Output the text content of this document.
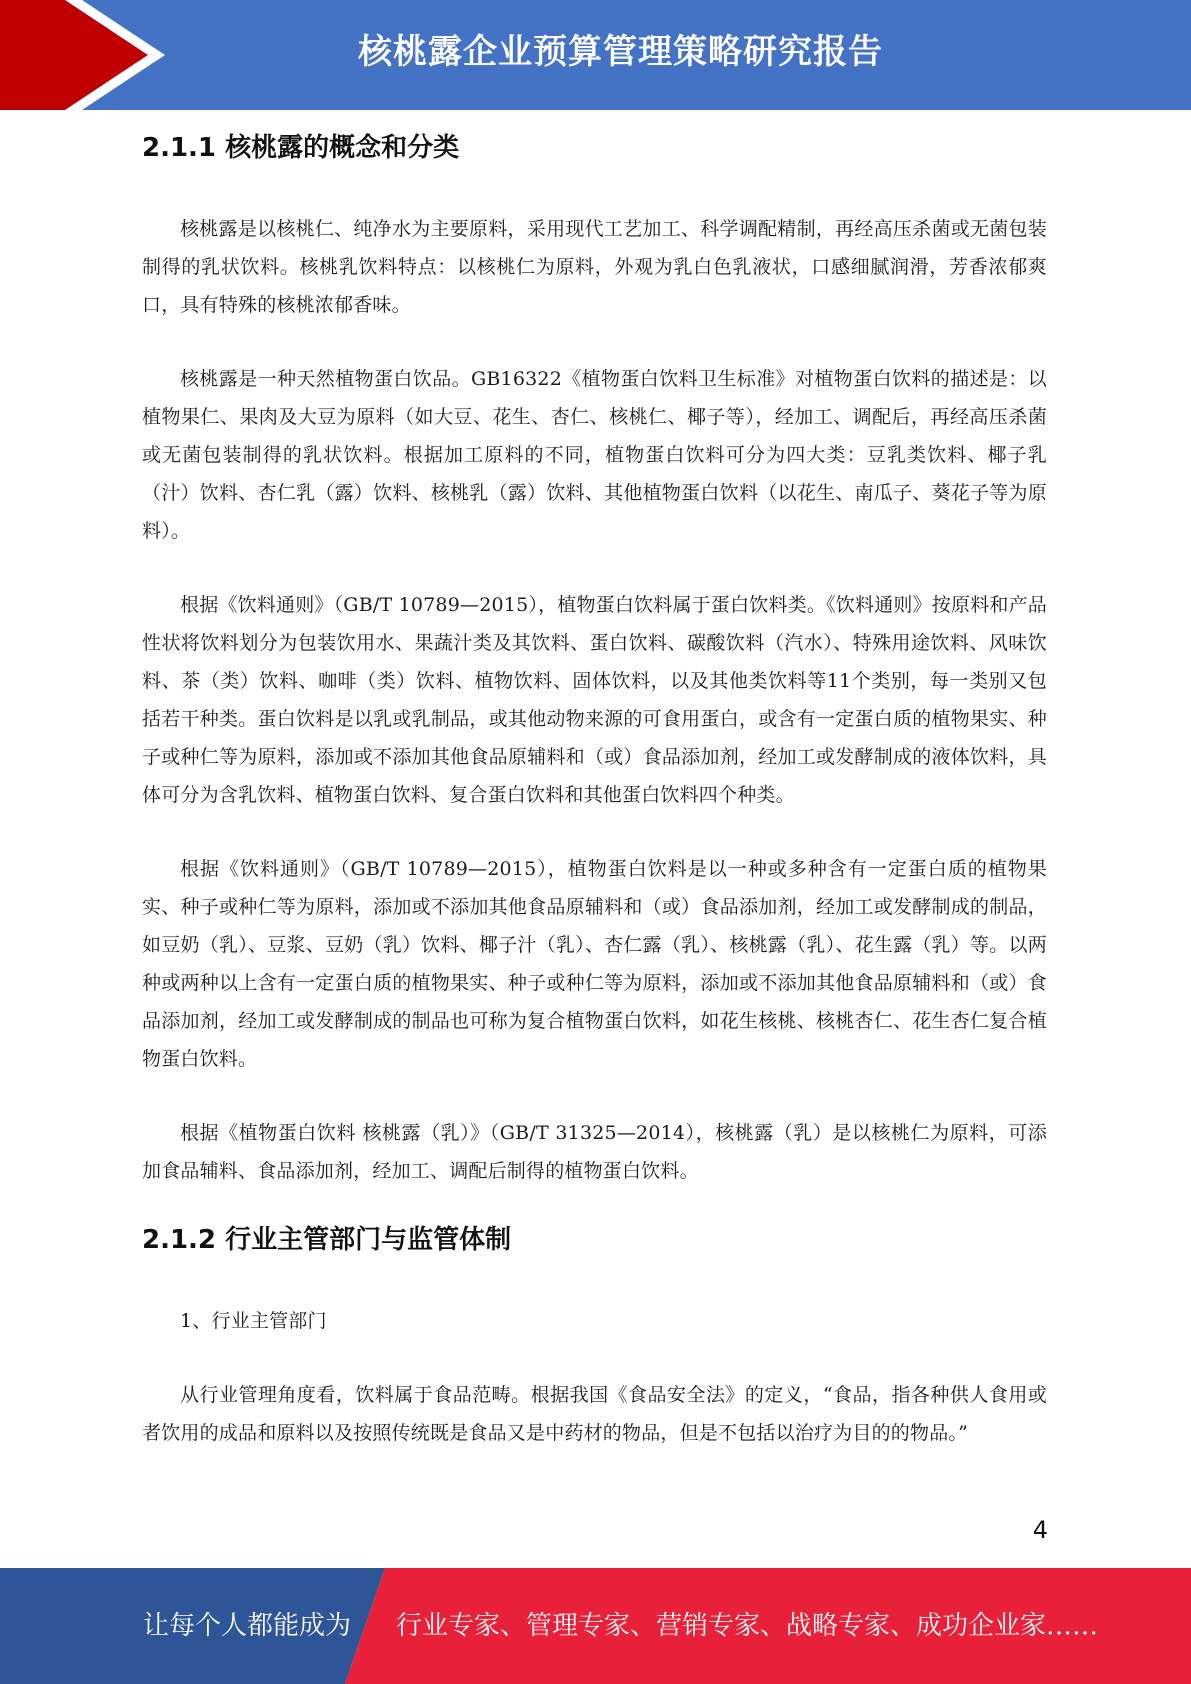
核桃露企业预算管理策略研究报告
2.1.1 核桃露的概念和分类

核桃露是以核桃仁、纯净水为主要原料，采用现代工艺加工、科学调配精制，再经高压杀菌或无菌包装制得的乳状饮料。核桃乳饮料特点：以核桃仁为原料，外观为乳白色乳液状，口感细腻润滑，芳香浓郁爽口，具有特殊的核桃浓郁香味。

核桃露是一种天然植物蛋白饮品。GB16322《植物蛋白饮料卫生标准》对植物蛋白饮料的描述是：以植物果仁、果肉及大豆为原料（如大豆、花生、杏仁、核桃仁、椰子等），经加工、调配后，再经高压杀菌或无菌包装制得的乳状饮料。根据加工原料的不同，植物蛋白饮料可分为四大类：豆乳类饮料、椰子乳（汁）饮料、杏仁乳（露）饮料、核桃乳（露）饮料、其他植物蛋白饮料（以花生、南瓜子、葵花子等为原料）。

根据《饮料通则》（GB/T 10789—2015），植物蛋白饮料属于蛋白饮料类。《饮料通则》按原料和产品性状将饮料划分为包装饮用水、果蔬汁类及其饮料、蛋白饮料、碳酸饮料（汽水）、特殊用途饮料、风味饮料、茶（类）饮料、咖啡（类）饮料、植物饮料、固体饮料，以及其他类饮料等11个类别，每一类别又包括若干种类。蛋白饮料是以乳或乳制品，或其他动物来源的可食用蛋白，或含有一定蛋白质的植物果实、种子或种仁等为原料，添加或不添加其他食品原辅料和（或）食品添加剂，经加工或发酵制成的液体饮料，具体可分为含乳饮料、植物蛋白饮料、复合蛋白饮料和其他蛋白饮料四个种类。

根据《饮料通则》（GB/T 10789—2015），植物蛋白饮料是以一种或多种含有一定蛋白质的植物果实、种子或种仁等为原料，添加或不添加其他食品原辅料和（或）食品添加剂，经加工或发酵制成的制品，如豆奶（乳）、豆浆、豆奶（乳）饮料、椰子汁（乳）、杏仁露（乳）、核桃露（乳）、花生露（乳）等。以两种或两种以上含有一定蛋白质的植物果实、种子或种仁等为原料，添加或不添加其他食品原辅料和（或）食品添加剂，经加工或发酵制成的制品也可称为复合植物蛋白饮料，如花生核桃、核桃杏仁、花生杏仁复合植物蛋白饮料。

根据《植物蛋白饮料 核桃露（乳）》（GB/T 31325—2014），核桃露（乳）是以核桃仁为原料，可添加食品辅料、食品添加剂，经加工、调配后制得的植物蛋白饮料。

2.1.2 行业主管部门与监管体制

1、行业主管部门

从行业管理角度看，饮料属于食品范畴。根据我国《食品安全法》的定义，“食品，指各种供人食用或者饮用的成品和原料以及按照传统既是食品又是中药材的物品，但是不包括以治疗为目的的物品。”

4
让每个人都能成为 行业专家、管理专家、营销专家、战略专家、成功企业家……
